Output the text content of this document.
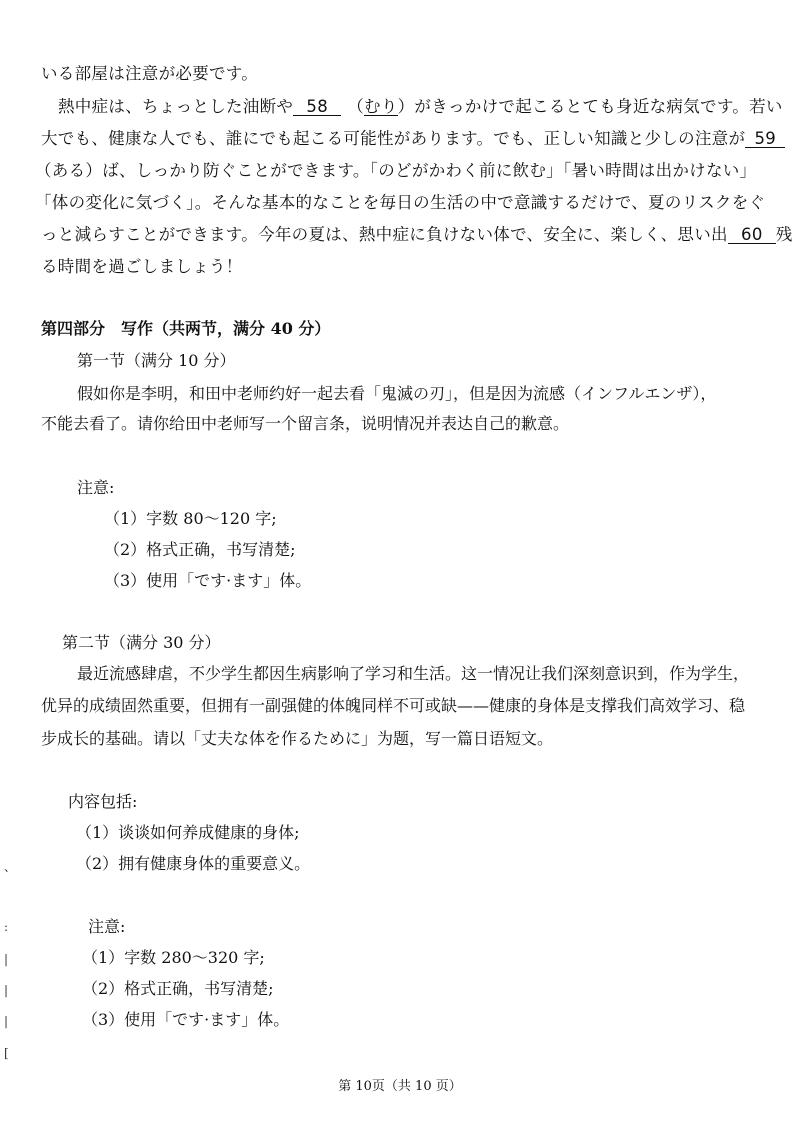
いる部屋は注意が必要です。
熱中症は、ちょっとした油断や 58 （むり）がきっかけで起こるとても身近な病気です。若い
大でも、健康な人でも、誰にでも起こる可能性があります。でも、正しい知識と少しの注意が 59
（ある）ば、しっかり防ぐことができます。「のどがかわく前に飲む」「暑い時間は出かけない」
「体の変化に気づく」。そんな基本的なことを毎日の生活の中で意識するだけで、夏のリスクをぐ
っと減らすことができます。今年の夏は、熱中症に負けない体で、安全に、楽しく、思い出 60 残
る時間を過ごしましょう！
第四部分　写作（共两节，满分 40 分）
第一节（满分 10 分）
假如你是李明，和田中老师约好一起去看「鬼滅の刃」，但是因为流感（インフルエンザ），
不能去看了。请你给田中老师写一个留言条，说明情况并表达自己的歉意。
注意:
（1）字数 80～120 字;
（2）格式正确，书写清楚;
（3）使用「です·ます」体。
第二节（满分 30 分）
最近流感肆虐，不少学生都因生病影响了学习和生活。这一情况让我们深刻意识到，作为学生，
优异的成绩固然重要，但拥有一副强健的体魄同样不可或缺——健康的身体是支撑我们高效学习、稳
步成长的基础。请以「丈夫な体を作るために」为题，写一篇日语短文。
内容包括:
（1）谈谈如何养成健康的身体;
（2）拥有健康身体的重要意义。
注意:
（1）字数 280～320 字;
（2）格式正确，书写清楚;
（3）使用「です·ます」体。
、
:
|
|
|
[
第 10页（共 10 页）
